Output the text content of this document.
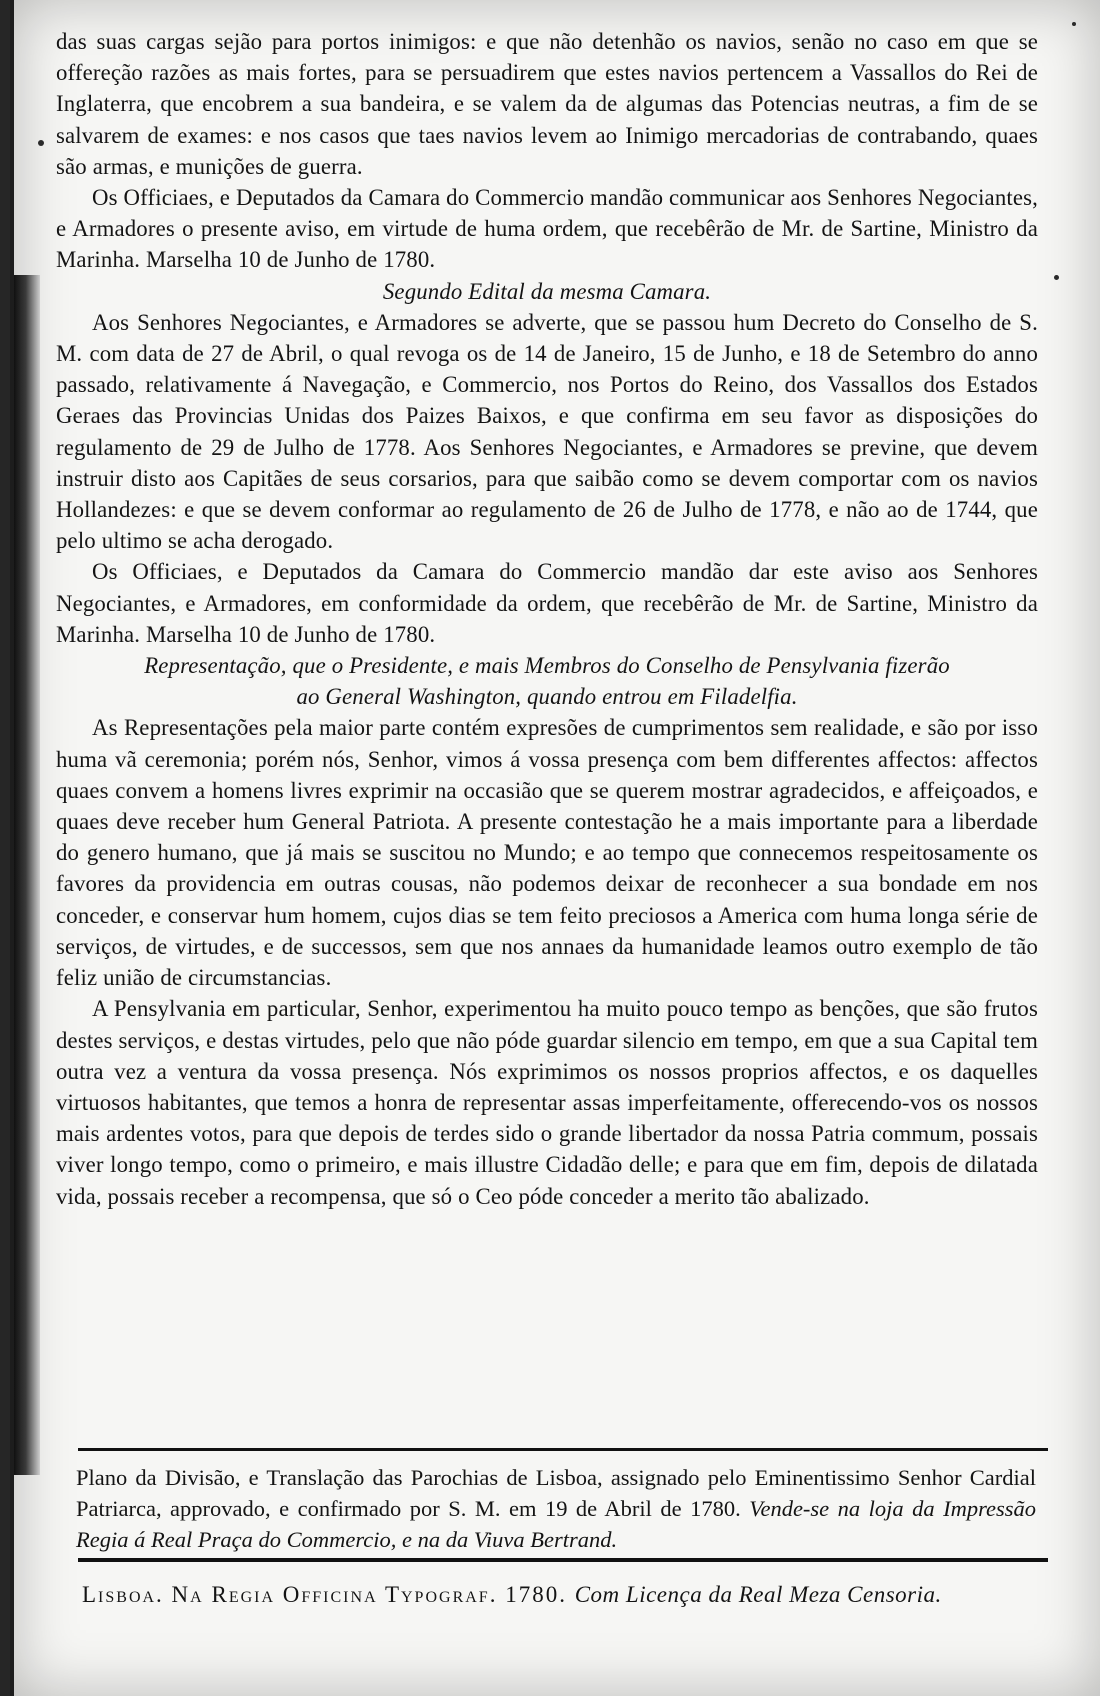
das suas cargas sejão para portos inimigos: e que não detenhão os navios, senão no caso em que se offereção razões as mais fortes, para se persuadirem que estes navios pertencem a Vassallos do Rei de Inglaterra, que encobrem a sua bandeira, e se valem da de algumas das Potencias neutras, a fim de se salvarem de exames: e nos casos que taes navios levem ao Inimigo mercadorias de contrabando, quaes são armas, e munições de guerra.

Os Officiaes, e Deputados da Camara do Commercio mandão communicar aos Senhores Negociantes, e Armadores o presente aviso, em virtude de huma ordem, que recebêrão de Mr. de Sartine, Ministro da Marinha. Marselha 10 de Junho de 1780.

Segundo Edital da mesma Camara.

Aos Senhores Negociantes, e Armadores se adverte, que se passou hum Decreto do Conselho de S. M. com data de 27 de Abril, o qual revoga os de 14 de Janeiro, 15 de Junho, e 18 de Setembro do anno passado, relativamente á Navegação, e Commercio, nos Portos do Reino, dos Vassallos dos Estados Geraes das Provincias Unidas dos Paizes Baixos, e que confirma em seu favor as disposições do regulamento de 29 de Julho de 1778. Aos Senhores Negociantes, e Armadores se previne, que devem instruir disto aos Capitães de seus corsarios, para que saibão como se devem comportar com os navios Hollandezes: e que se devem conformar ao regulamento de 26 de Julho de 1778, e não ao de 1744, que pelo ultimo se acha derogado.

Os Officiaes, e Deputados da Camara do Commercio mandão dar este aviso aos Senhores Negociantes, e Armadores, em conformidade da ordem, que recebêrão de Mr. de Sartine, Ministro da Marinha. Marselha 10 de Junho de 1780.

Representação, que o Presidente, e mais Membros do Conselho de Pensylvania fizerão
ao General Washington, quando entrou em Filadelfia.

As Representações pela maior parte contém expresões de cumprimentos sem realidade, e são por isso huma vã ceremonia; porém nós, Senhor, vimos á vossa presença com bem differentes affectos: affectos quaes convem a homens livres exprimir na occasião que se querem mostrar agradecidos, e affeiçoados, e quaes deve receber hum General Patriota. A presente contestação he a mais importante para a liberdade do genero humano, que já mais se suscitou no Mundo; e ao tempo que connecemos respeitosamente os favores da providencia em outras cousas, não podemos deixar de reconhecer a sua bondade em nos conceder, e conservar hum homem, cujos dias se tem feito preciosos a America com huma longa série de serviços, de virtudes, e de successos, sem que nos annaes da humanidade leamos outro exemplo de tão feliz união de circumstancias.

A Pensylvania em particular, Senhor, experimentou ha muito pouco tempo as benções, que são frutos destes serviços, e destas virtudes, pelo que não póde guardar silencio em tempo, em que a sua Capital tem outra vez a ventura da vossa presença. Nós exprimimos os nossos proprios affectos, e os daquelles virtuosos habitantes, que temos a honra de representar assas imperfeitamente, offerecendo-vos os nossos mais ardentes votos, para que depois de terdes sido o grande libertador da nossa Patria commum, possais viver longo tempo, como o primeiro, e mais illustre Cidadão delle; e para que em fim, depois de dilatada vida, possais receber a recompensa, que só o Ceo póde conceder a merito tão abalizado.

Plano da Divisão, e Translação das Parochias de Lisboa, assignado pelo Eminentissimo Senhor Cardial Patriarca, approvado, e confirmado por S. M. em 19 de Abril de 1780. Vende-se na loja da Impressão Regia á Real Praça do Commercio, e na da Viuva Bertrand.
Lisboa. Na Regia Officina Typograf. 1780. Com Licença da Real Meza Censoria.
